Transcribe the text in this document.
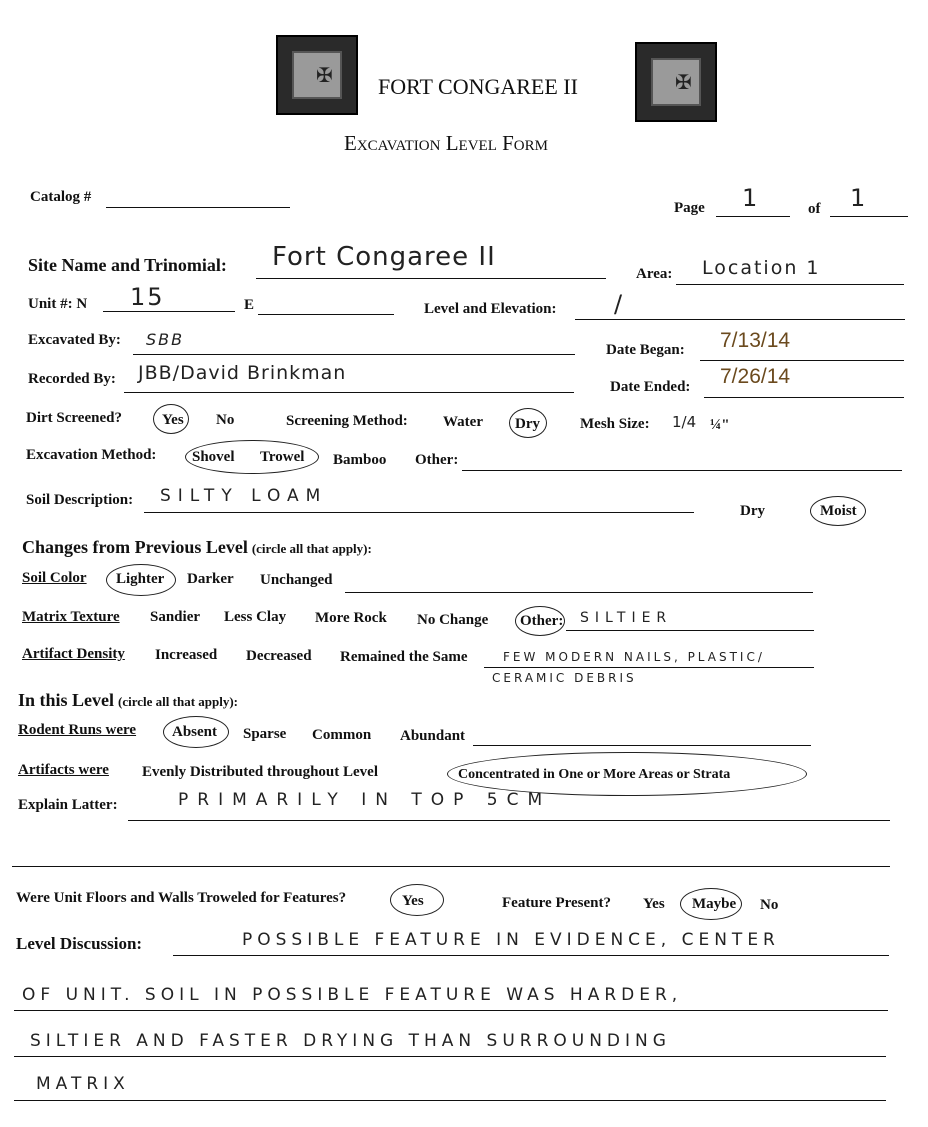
✠	✠
FORT CONGAREE II
Excavation Level Form
Catalog #
Page 1	of 1
Site Name and Trinomial: Fort Congaree II
Area: Location 1
Unit #: N 15	E	Level and Elevation: /
Excavated By: SBB
Date Began: 7/13/14
Recorded By: JBB/David Brinkman
Date Ended: 7/26/14
Dirt Screened?	Yes No	Screening Method: Water Dry	Mesh Size: 1/4 ¼"
Excavation Method: Shovel Trowel Bamboo Other:
Soil Description: SILTY LOAM
Dry	Moist
Changes from Previous Level (circle all that apply):
Soil Color Lighter Darker Unchanged
Matrix Texture Sandier Less Clay More Rock No Change Other: SILTIER
Artifact Density Increased Decreased Remained the Same	FEW MODERN NAILS, PLASTIC/
CERAMIC DEBRIS
In this Level (circle all that apply):
Rodent Runs were Absent Sparse Common Abundant
Artifacts were Evenly Distributed throughout Level	Concentrated in One or More Areas or Strata
Explain Latter:	PRIMARILY IN TOP 5CM
Were Unit Floors and Walls Troweled for Features?	Yes	Feature Present? Yes Maybe No
Level Discussion:	POSSIBLE FEATURE IN EVIDENCE, CENTER
OF UNIT. SOIL IN POSSIBLE FEATURE WAS HARDER,
SILTIER AND FASTER DRYING THAN SURROUNDING
MATRIX
